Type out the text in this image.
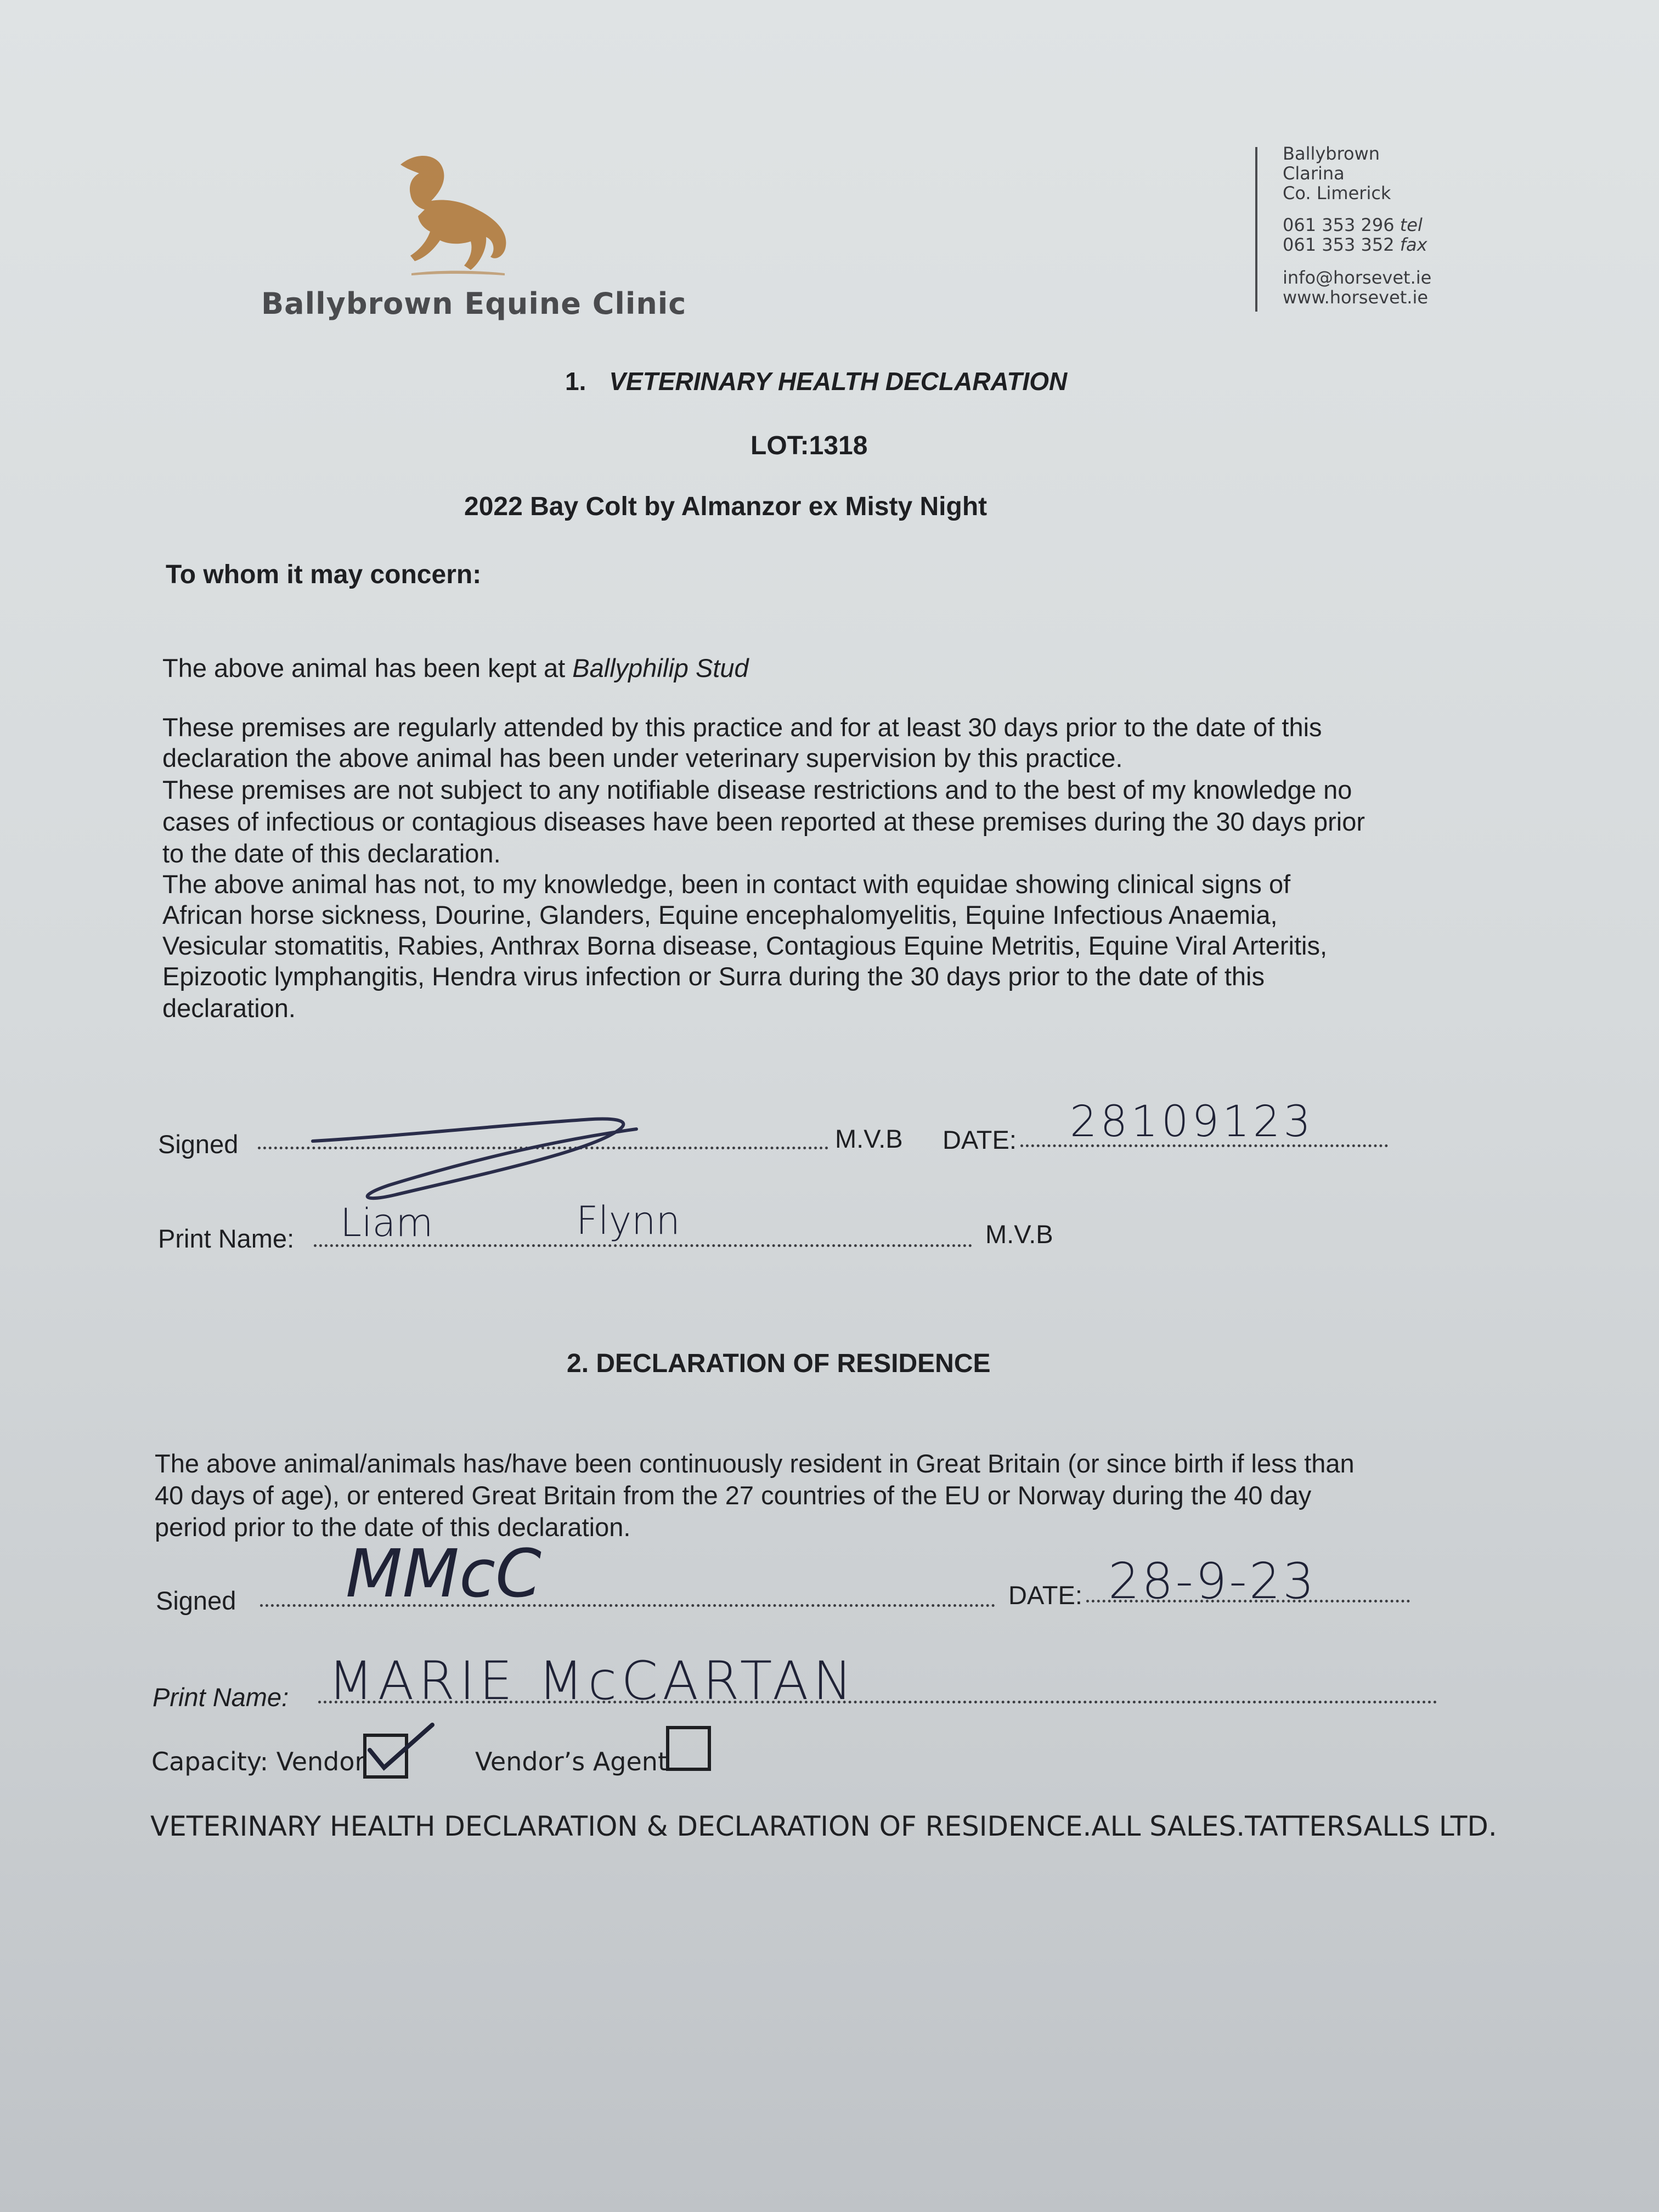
Ballybrown Equine Clinic
Ballybrown
Clarina
Co. Limerick
061 353 296 tel
061 353 352 fax
info@horsevet.ie
www.horsevet.ie
1. VETERINARY HEALTH DECLARATION
LOT:1318
2022 Bay Colt by Almanzor ex Misty Night
To whom it may concern:
The above animal has been kept at Ballyphilip Stud
These premises are regularly attended by this practice and for at least 30 days prior to the date of this
declaration the above animal has been under veterinary supervision by this practice.
These premises are not subject to any notifiable disease restrictions and to the best of my knowledge no
cases of infectious or contagious diseases have been reported at these premises during the 30 days prior
to the date of this declaration.
The above animal has not, to my knowledge, been in contact with equidae showing clinical signs of
African horse sickness, Dourine, Glanders, Equine encephalomyelitis, Equine Infectious Anaemia,
Vesicular stomatitis, Rabies, Anthrax Borna disease, Contagious Equine Metritis, Equine Viral Arteritis,
Epizootic lymphangitis, Hendra virus infection or Surra during the 30 days prior to the date of this
declaration.
Signed	M.V.B DATE: 28109123
Print Name: Liam	Flynn	M.V.B
2. DECLARATION OF RESIDENCE
The above animal/animals has/have been continuously resident in Great Britain (or since birth if less than
40 days of age), or entered Great Britain from the 27 countries of the EU or Norway during the 40 day
period prior to the date of this declaration.
Signed MMcC	DATE: 28-9-23
Print Name: MARIE McCARTAN
Capacity: Vendor	Vendor’s Agent
VETERINARY HEALTH DECLARATION & DECLARATION OF RESIDENCE.ALL SALES.TATTERSALLS LTD.
